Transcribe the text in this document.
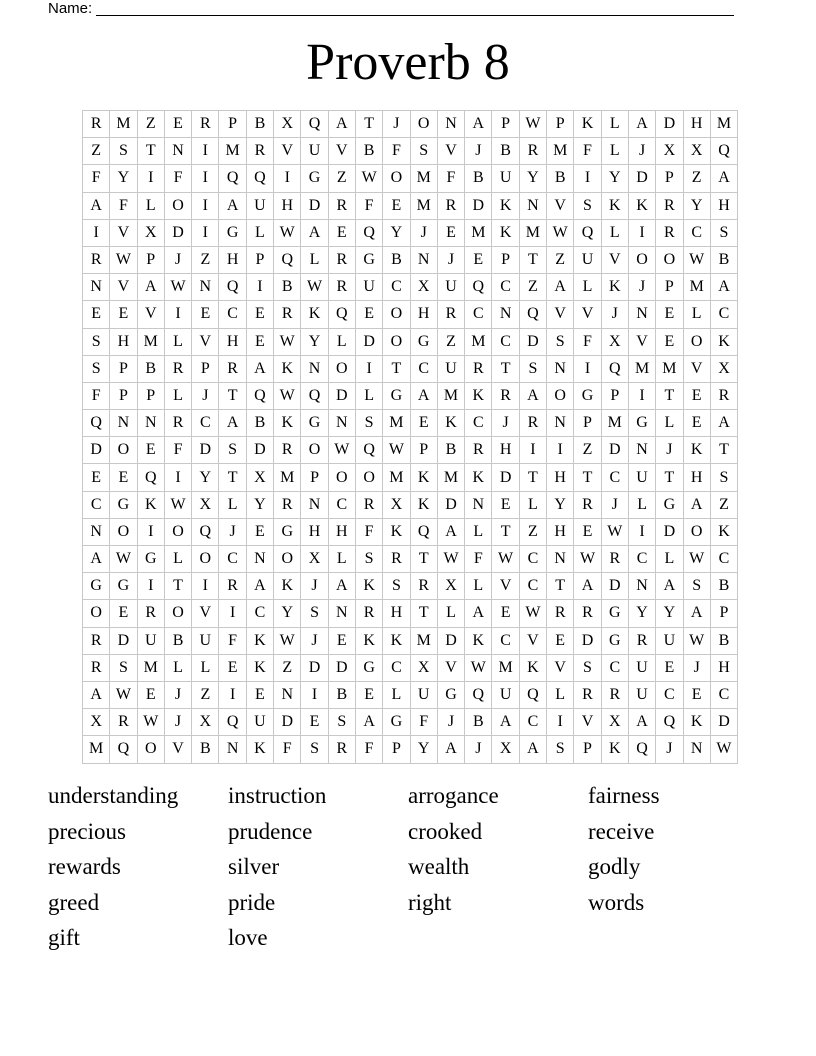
Name:
Proverb 8
R	M	Z	E	R	P	B	X	Q	A	T	J	O	N	A	P	W	P	K	L	A	D	H	M
Z	S	T	N	I	M	R	V	U	V	B	F	S	V	J	B	R	M	F	L	J	X	X	Q
F	Y	I	F	I	Q	Q	I	G	Z	W	O	M	F	B	U	Y	B	I	Y	D	P	Z	A
A	F	L	O	I	A	U	H	D	R	F	E	M	R	D	K	N	V	S	K	K	R	Y	H
I	V	X	D	I	G	L	W	A	E	Q	Y	J	E	M	K	M	W	Q	L	I	R	C	S
R	W	P	J	Z	H	P	Q	L	R	G	B	N	J	E	P	T	Z	U	V	O	O	W	B
N	V	A	W	N	Q	I	B	W	R	U	C	X	U	Q	C	Z	A	L	K	J	P	M	A
E	E	V	I	E	C	E	R	K	Q	E	O	H	R	C	N	Q	V	V	J	N	E	L	C
S	H	M	L	V	H	E	W	Y	L	D	O	G	Z	M	C	D	S	F	X	V	E	O	K
S	P	B	R	P	R	A	K	N	O	I	T	C	U	R	T	S	N	I	Q	M	M	V	X
F	P	P	L	J	T	Q	W	Q	D	L	G	A	M	K	R	A	O	G	P	I	T	E	R
Q	N	N	R	C	A	B	K	G	N	S	M	E	K	C	J	R	N	P	M	G	L	E	A
D	O	E	F	D	S	D	R	O	W	Q	W	P	B	R	H	I	I	Z	D	N	J	K	T
E	E	Q	I	Y	T	X	M	P	O	O	M	K	M	K	D	T	H	T	C	U	T	H	S
C	G	K	W	X	L	Y	R	N	C	R	X	K	D	N	E	L	Y	R	J	L	G	A	Z
N	O	I	O	Q	J	E	G	H	H	F	K	Q	A	L	T	Z	H	E	W	I	D	O	K
A	W	G	L	O	C	N	O	X	L	S	R	T	W	F	W	C	N	W	R	C	L	W	C
G	G	I	T	I	R	A	K	J	A	K	S	R	X	L	V	C	T	A	D	N	A	S	B
O	E	R	O	V	I	C	Y	S	N	R	H	T	L	A	E	W	R	R	G	Y	Y	A	P
R	D	U	B	U	F	K	W	J	E	K	K	M	D	K	C	V	E	D	G	R	U	W	B
R	S	M	L	L	E	K	Z	D	D	G	C	X	V	W	M	K	V	S	C	U	E	J	H
A	W	E	J	Z	I	E	N	I	B	E	L	U	G	Q	U	Q	L	R	R	U	C	E	C
X	R	W	J	X	Q	U	D	E	S	A	G	F	J	B	A	C	I	V	X	A	Q	K	D
M	Q	O	V	B	N	K	F	S	R	F	P	Y	A	J	X	A	S	P	K	Q	J	N	W
understanding	instruction	arrogance	fairness
precious	prudence	crooked	receive
rewards	silver	wealth	godly
greed	pride	right	words
gift	love
